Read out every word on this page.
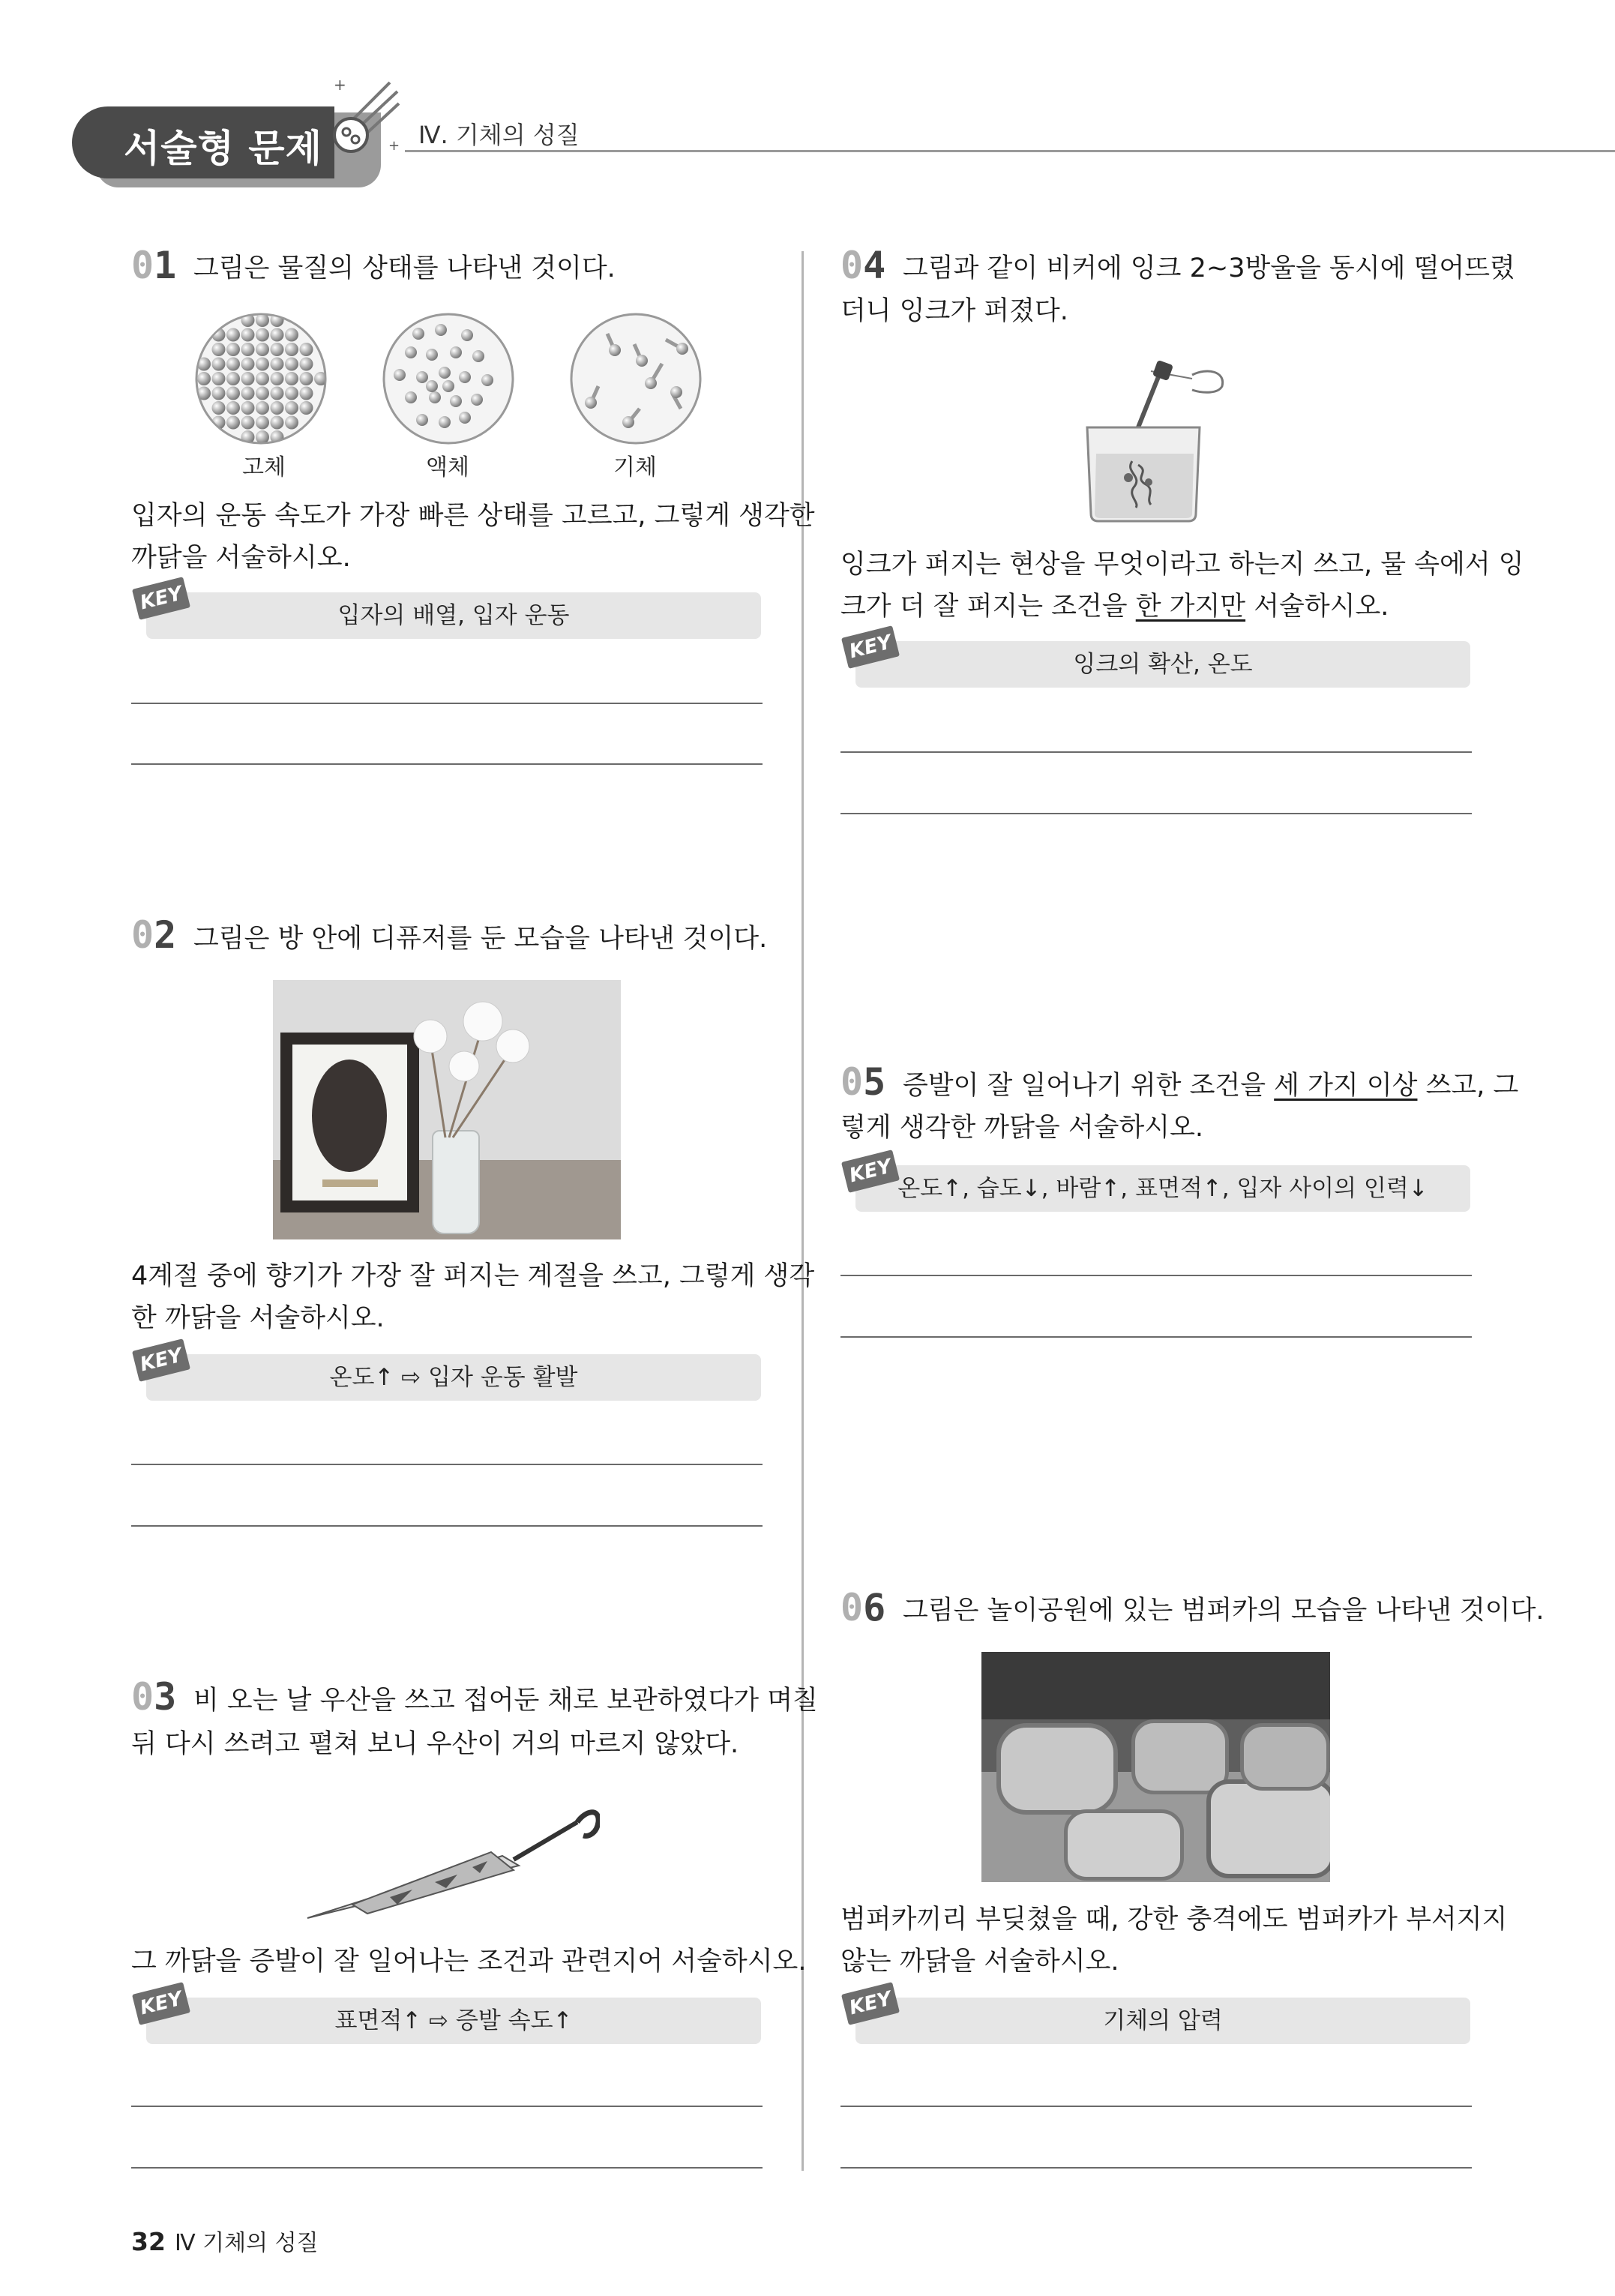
서술형 문제
+
+ Ⅳ. 기체의 성질
01 그림은 물질의 상태를 나타낸 것이다.
고체	액체	기체
입자의 운동 속도가 가장 빠른 상태를 고르고, 그렇게 생각한
까닭을 서술하시오.
입자의 배열, 입자 운동
KEY
02 그림은 방 안에 디퓨저를 둔 모습을 나타낸 것이다.
4계절 중에 향기가 가장 잘 퍼지는 계절을 쓰고, 그렇게 생각
한 까닭을 서술하시오.
온도↑ ⇨ 입자 운동 활발
KEY
03 비 오는 날 우산을 쓰고 접어둔 채로 보관하였다가 며칠
뒤 다시 쓰려고 펼쳐 보니 우산이 거의 마르지 않았다.
그 까닭을 증발이 잘 일어나는 조건과 관련지어 서술하시오.
표면적↑ ⇨ 증발 속도↑
KEY
04 그림과 같이 비커에 잉크 2~3방울을 동시에 떨어뜨렸
더니 잉크가 퍼졌다.
잉크가 퍼지는 현상을 무엇이라고 하는지 쓰고, 물 속에서 잉
크가 더 잘 퍼지는 조건을 한 가지만 서술하시오.
잉크의 확산, 온도
KEY
05 증발이 잘 일어나기 위한 조건을 세 가지 이상 쓰고, 그
렇게 생각한 까닭을 서술하시오.
온도↑, 습도↓, 바람↑, 표면적↑, 입자 사이의 인력↓
KEY
06 그림은 놀이공원에 있는 범퍼카의 모습을 나타낸 것이다.
범퍼카끼리 부딪쳤을 때, 강한 충격에도 범퍼카가 부서지지
않는 까닭을 서술하시오.
기체의 압력
KEY
32 Ⅳ 기체의 성질
